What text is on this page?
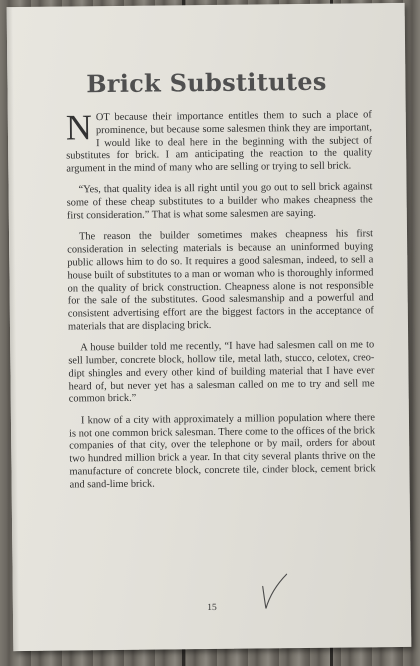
Brick Substitutes

NOT because their importance entitles them to such a place of prominence, but because some salesmen think they are important, I would like to deal here in the beginning with the subject of substitutes for brick. I am anticipating the reaction to the quality argument in the mind of many who are selling or trying to sell brick.

“Yes, that quality idea is all right until you go out to sell brick against some of these cheap substitutes to a builder who makes cheapness the first consideration.” That is what some salesmen are saying.

The reason the builder sometimes makes cheapness his first consideration in selecting materials is because an uninformed buying public allows him to do so. It requires a good salesman, indeed, to sell a house built of substitutes to a man or woman who is thoroughly informed on the quality of brick construction. Cheapness alone is not responsible for the sale of the substitutes. Good salesmanship and a powerful and consistent advertising effort are the biggest factors in the acceptance of materials that are displacing brick.

A house builder told me recently, “I have had salesmen call on me to sell lumber, concrete block, hollow tile, metal lath, stucco, celotex, creo-dipt shingles and every other kind of building material that I have ever heard of, but never yet has a salesman called on me to try and sell me common brick.”

I know of a city with approximately a million population where there is not one common brick salesman. There come to the offices of the brick companies of that city, over the telephone or by mail, orders for about two hundred million brick a year. In that city several plants thrive on the manufacture of concrete block, concrete tile, cinder block, cement brick and sand-lime brick.

15
